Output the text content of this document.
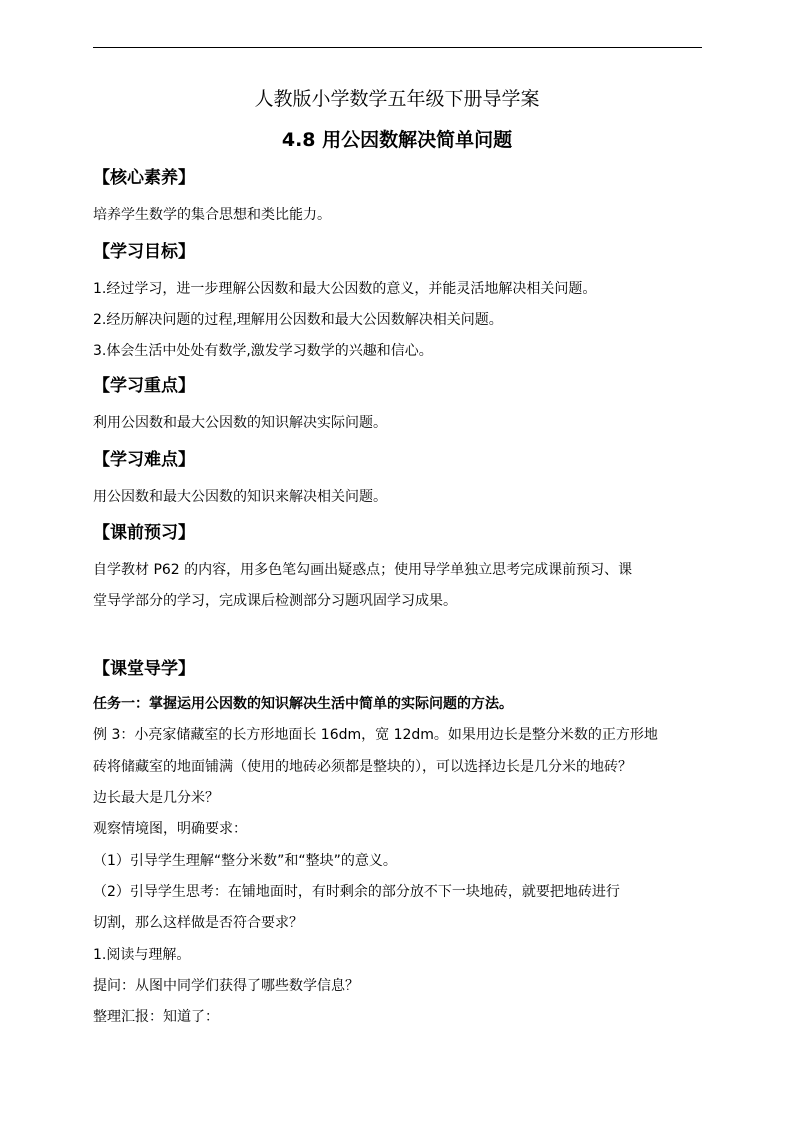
人教版小学数学五年级下册导学案
4.8 用公因数解决简单问题
【核心素养】

培养学生数学的集合思想和类比能力。

【学习目标】

1.经过学习，进一步理解公因数和最大公因数的意义，并能灵活地解决相关问题。

2.经历解决问题的过程,理解用公因数和最大公因数解决相关问题。

3.体会生活中处处有数学,激发学习数学的兴趣和信心。

【学习重点】

利用公因数和最大公因数的知识解决实际问题。

【学习难点】

用公因数和最大公因数的知识来解决相关问题。

【课前预习】

自学教材 P62 的内容，用多色笔勾画出疑惑点；使用导学单独立思考完成课前预习、课

堂导学部分的学习，完成课后检测部分习题巩固学习成果。

【课堂导学】

任务一：掌握运用公因数的知识解决生活中简单的实际问题的方法。

例 3：小亮家储藏室的长方形地面长 16dm，宽 12dm。如果用边长是整分米数的正方形地

砖将储藏室的地面铺满（使用的地砖必须都是整块的），可以选择边长是几分米的地砖？

边长最大是几分米？

观察情境图，明确要求：

（1）引导学生理解“整分米数”和“整块”的意义。

（2）引导学生思考：在铺地面时，有时剩余的部分放不下一块地砖，就要把地砖进行

切割，那么这样做是否符合要求？

1.阅读与理解。

提问：从图中同学们获得了哪些数学信息？

整理汇报：知道了：
